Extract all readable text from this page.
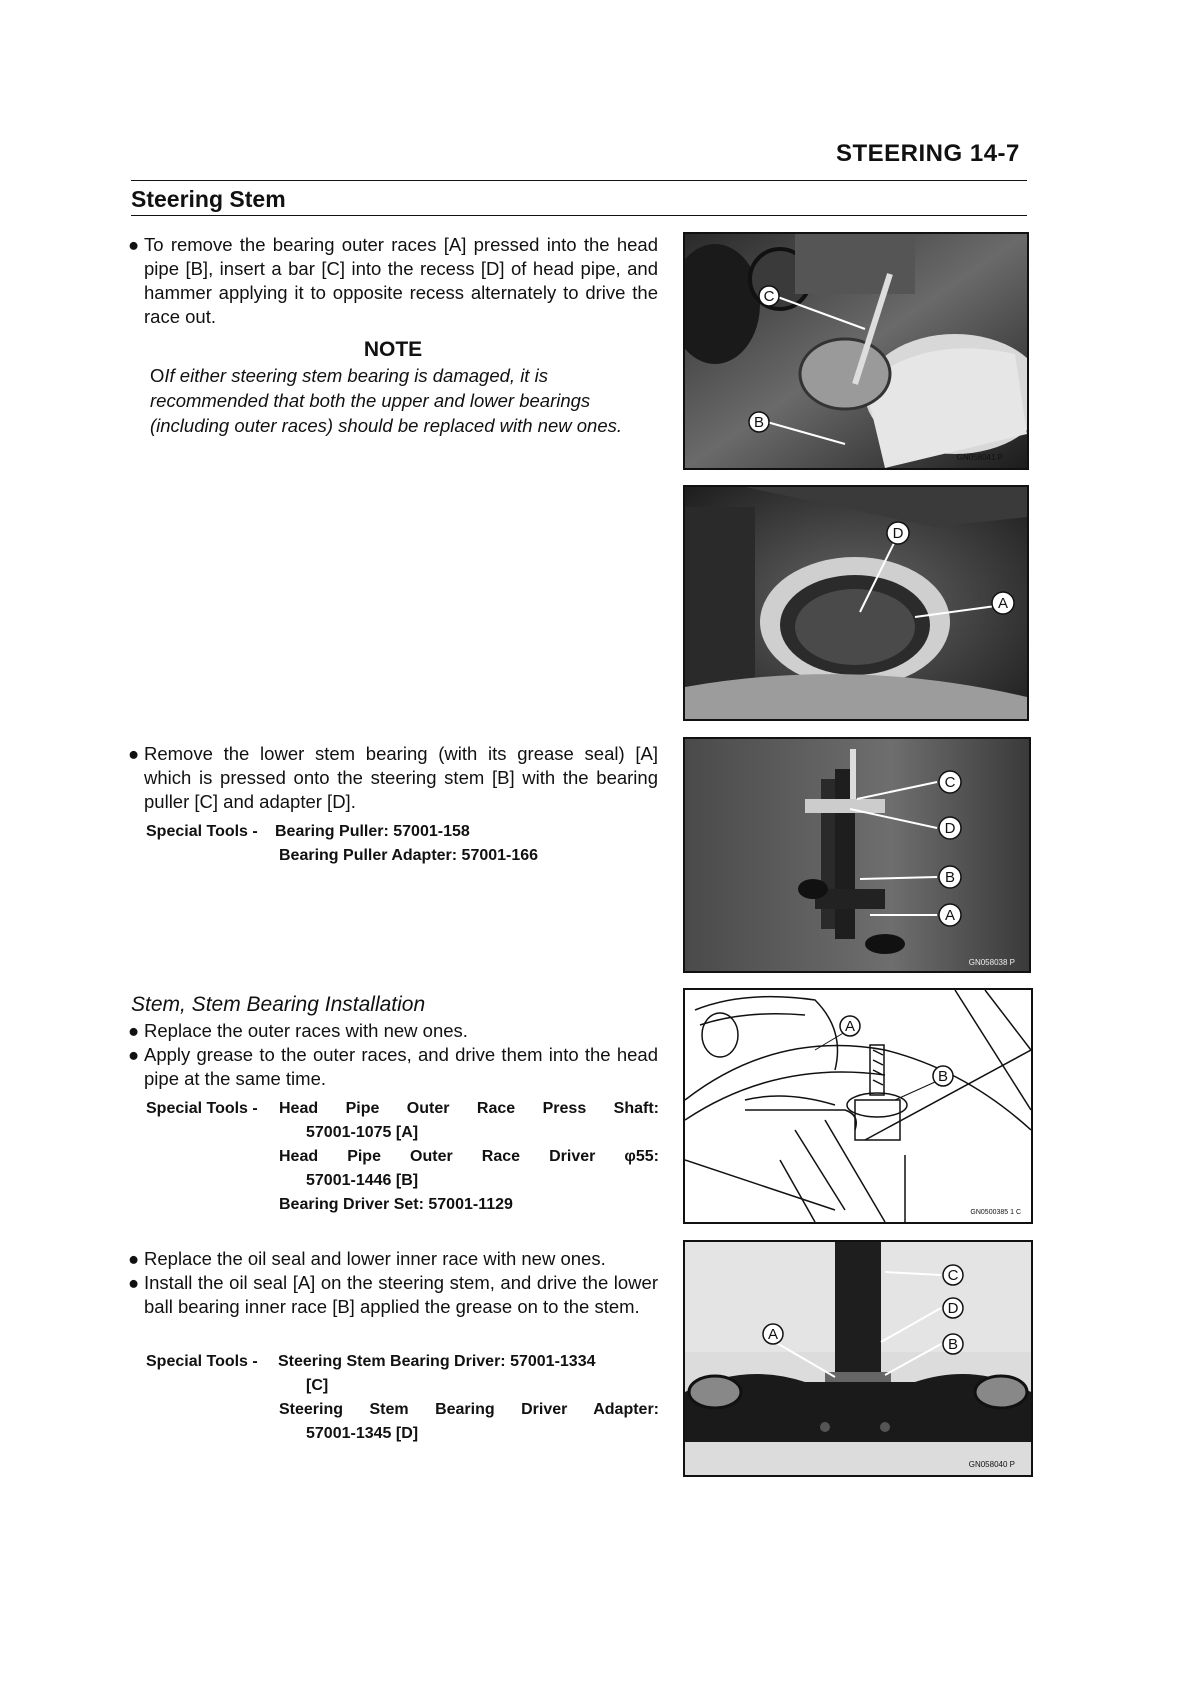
STEERING 14-7
Steering Stem
● To remove the bearing outer races [A] pressed into the head pipe [B], insert a bar [C] into the recess [D] of head pipe, and hammer applying it to opposite recess alternately to drive the race out.
NOTE
OIf either steering stem bearing is damaged, it is recommended that both the upper and lower bearings (including outer races) should be replaced with new ones.
● Remove the lower stem bearing (with its grease seal) [A] which is pressed onto the steering stem [B] with the bearing puller [C] and adapter [D].
Special Tools - Bearing Puller: 57001-158
Bearing Puller Adapter: 57001-166
Stem, Stem Bearing Installation
● Replace the outer races with new ones.
● Apply grease to the outer races, and drive them into the head pipe at the same time.
Special Tools - Head Pipe Outer Race Press Shaft:
57001-1075 [A]
Head Pipe Outer Race Driver φ55:
57001-1446 [B]
Bearing Driver Set: 57001-1129
● Replace the oil seal and lower inner race with new ones.
● Install the oil seal [A] on the steering stem, and drive the lower ball bearing inner race [B] applied the grease on to the stem.
Special Tools - Steering Stem Bearing Driver: 57001-1334
[C]
Steering Stem Bearing Driver Adapter:
57001-1345 [D]
C
B
GN058041 P
D
A
C
D
B
A
GN058038 P
A
B
GN0500385 1 C
C
D
A
B
GN058040 P
